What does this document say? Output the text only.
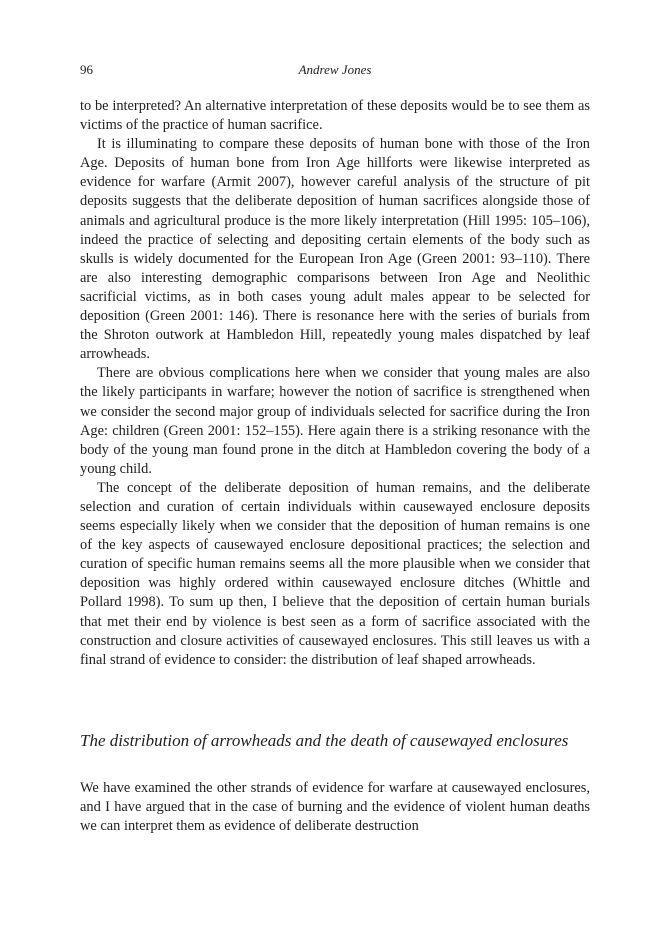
96	Andrew Jones

to be interpreted? An alternative interpretation of these deposits would be to see them as victims of the practice of human sacrifice.

It is illuminating to compare these deposits of human bone with those of the Iron Age. Deposits of human bone from Iron Age hillforts were likewise interpreted as evidence for warfare (Armit 2007), however careful analysis of the structure of pit deposits suggests that the deliberate deposition of human sacrifices alongside those of animals and agricultural produce is the more likely interpretation (Hill 1995: 105–106), indeed the practice of selecting and depositing certain elements of the body such as skulls is widely documented for the European Iron Age (Green 2001: 93–110). There are also interesting demographic comparisons between Iron Age and Neolithic sacrificial victims, as in both cases young adult males appear to be selected for deposition (Green 2001: 146). There is resonance here with the series of burials from the Shroton outwork at Hambledon Hill, repeatedly young males dispatched by leaf arrowheads.

There are obvious complications here when we consider that young males are also the likely participants in warfare; however the notion of sacrifice is strengthened when we consider the second major group of individuals selected for sacrifice during the Iron Age: children (Green 2001: 152–155). Here again there is a striking resonance with the body of the young man found prone in the ditch at Hambledon covering the body of a young child.

The concept of the deliberate deposition of human remains, and the deliberate selection and curation of certain individuals within causewayed enclosure deposits seems especially likely when we consider that the deposition of human remains is one of the key aspects of causewayed enclosure depositional practices; the selection and curation of specific human remains seems all the more plausible when we consider that deposition was highly ordered within causewayed enclosure ditches (Whittle and Pollard 1998). To sum up then, I believe that the deposition of certain human burials that met their end by violence is best seen as a form of sacrifice associated with the construction and closure activities of causewayed enclosures. This still leaves us with a final strand of evidence to consider: the distribution of leaf shaped arrowheads.

The distribution of arrowheads and the death of causewayed enclosures

We have examined the other strands of evidence for warfare at causewayed enclosures, and I have argued that in the case of burning and the evidence of violent human deaths we can interpret them as evidence of deliberate destruction
